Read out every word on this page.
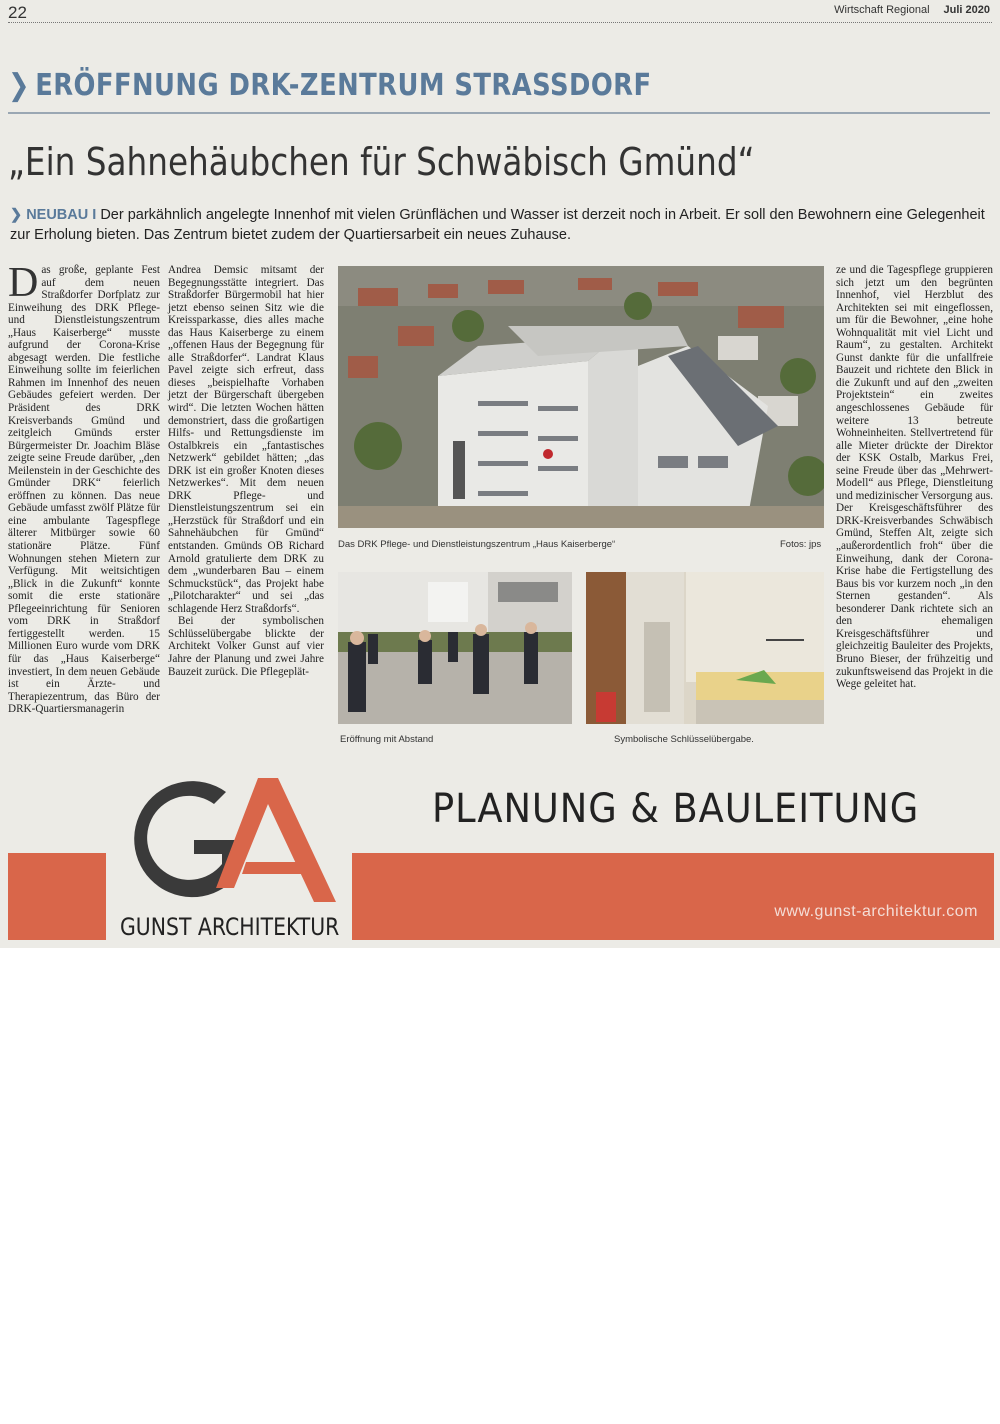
22	Wirtschaft Regional Juli 2020
❯ ERÖFFNUNG DRK-ZENTRUM STRASSDORF
„Ein Sahnehäubchen für Schwäbisch Gmünd“
❯ NEUBAU I Der parkähnlich angelegte Innenhof mit vielen Grünflächen und Wasser ist derzeit noch in Arbeit. Er soll den Bewohnern eine Gelegenheit zur Erholung bieten. Das Zentrum bietet zudem der Quartiersarbeit ein neues Zuhause.

Das große, geplante Fest auf dem neuen Straßdorfer Dorfplatz zur Einweihung des DRK Pflege- und Dienstleistungszentrum „Haus Kaiserberge“ musste aufgrund der Corona-Krise abgesagt werden. Die festliche Einweihung sollte im feierlichen Rahmen im Innenhof des neuen Gebäudes gefeiert werden. Der Präsident des DRK Kreisverbands Gmünd und zeitgleich Gmünds erster Bürgermeister Dr. Joachim Bläse zeigte seine Freude darüber, „den Meilenstein in der Geschichte des Gmünder DRK“ feierlich eröffnen zu können. Das neue Gebäude umfasst zwölf Plätze für eine ambulante Tagespflege älterer Mitbürger sowie 60 stationäre Plätze. Fünf Wohnungen stehen Mietern zur Verfügung. Mit weitsichtigen „Blick in die Zukunft“ konnte somit die erste stationäre Pflegeeinrichtung für Senioren vom DRK in Straßdorf fertiggestellt werden. 15 Millionen Euro wurde vom DRK für das „Haus Kaiserberge“ investiert, In dem neuen Gebäude ist ein Ärzte- und Therapiezentrum, das Büro der DRK-Quartiersmanagerin

Andrea Demsic mitsamt der Begegnungsstätte integriert. Das Straßdorfer Bürgermobil hat hier jetzt ebenso seinen Sitz wie die Kreissparkasse, dies alles mache das Haus Kaiserberge zu einem „offenen Haus der Begegnung für alle Straßdorfer“. Landrat Klaus Pavel zeigte sich erfreut, dass dieses „beispielhafte Vorhaben jetzt der Bürgerschaft übergeben wird“. Die letzten Wochen hätten demonstriert, dass die großartigen Hilfs- und Rettungsdienste im Ostalbkreis ein „fantastisches Netzwerk“ gebildet hätten; „das DRK ist ein großer Knoten dieses Netzwerkes“. Mit dem neuen DRK Pflege- und Dienstleistungszentrum sei ein „Herzstück für Straßdorf und ein Sahnehäubchen für Gmünd“ entstanden. Gmünds OB Richard Arnold gratulierte dem DRK zu dem „wunderbaren Bau – einem Schmuckstück“, das Projekt habe „Pilotcharakter“ und sei „das schlagende Herz Straßdorfs“.

Bei der symbolischen Schlüsselübergabe blickte der Architekt Volker Gunst auf vier Jahre der Planung und zwei Jahre Bauzeit zurück. Die Pflegeplät-

Das DRK Pflege- und Dienstleistungszentrum „Haus Kaiserberge“	Fotos: jps
Eröffnung mit Abstand	Symbolische Schlüsselübergabe.

ze und die Tagespflege gruppieren sich jetzt um den begrünten Innenhof, viel Herzblut des Architekten sei mit eingeflossen, um für die Bewohner, „eine hohe Wohnqualität mit viel Licht und Raum“, zu gestalten. Architekt Gunst dankte für die unfallfreie Bauzeit und richtete den Blick in die Zukunft und auf den „zweiten Projektstein“ ein zweites angeschlossenes Gebäude für weitere 13 betreute Wohneinheiten. Stellvertretend für alle Mieter drückte der Direktor der KSK Ostalb, Markus Frei, seine Freude über das „Mehrwert-Modell“ aus Pflege, Dienstleitung und medizinischer Versorgung aus. Der Kreisgeschäftsführer des DRK-Kreisverbandes Schwäbisch Gmünd, Steffen Alt, zeigte sich „außerordentlich froh“ über die Einweihung, dank der Corona-Krise habe die Fertigstellung des Baus bis vor kurzem noch „in den Sternen gestanden“. Als besonderer Dank richtete sich an den ehemaligen Kreisgeschäftsführer und gleichzeitig Bauleiter des Projekts, Bruno Bieser, der frühzeitig und zukunftsweisend das Projekt in die Wege geleitet hat.

GUNST ARCHITEKTUR
PLANUNG & BAULEITUNG
www.gunst-architektur.com
